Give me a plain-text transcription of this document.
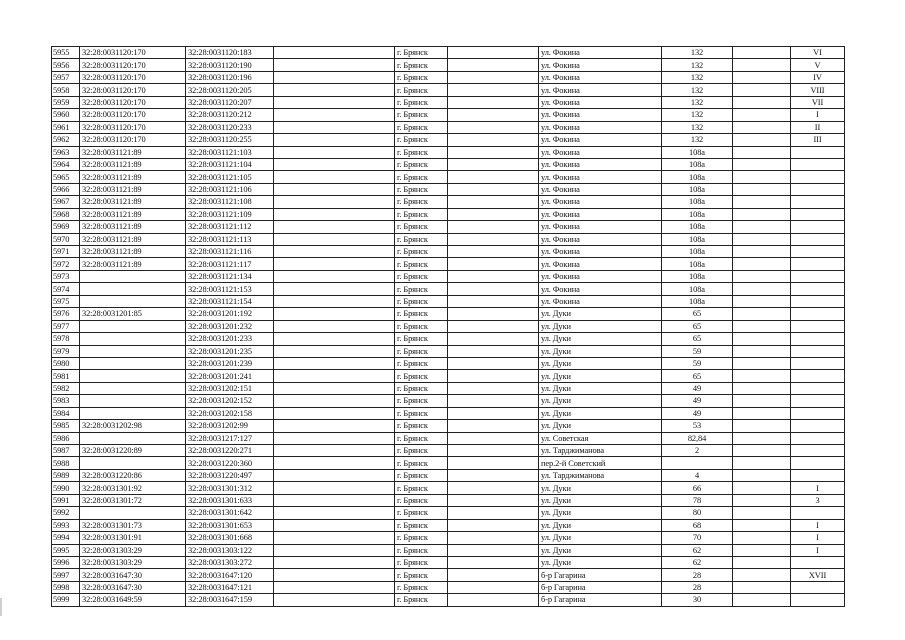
5955	32:28:0031120:170	32:28:0031120:183		г. Брянск		ул. Фокина	132		VI
5956	32:28:0031120:170	32:28:0031120:190		г. Брянск		ул. Фокина	132		V
5957	32:28:0031120:170	32:28:0031120:196		г. Брянск		ул. Фокина	132		IV
5958	32:28:0031120:170	32:28:0031120:205		г. Брянск		ул. Фокина	132		VIII
5959	32:28:0031120:170	32:28:0031120:207		г. Брянск		ул. Фокина	132		VII
5960	32:28:0031120:170	32:28:0031120:212		г. Брянск		ул. Фокина	132		I
5961	32:28:0031120:170	32:28:0031120:233		г. Брянск		ул. Фокина	132		II
5962	32:28:0031120:170	32:28:0031120:255		г. Брянск		ул. Фокина	132		III
5963	32:28:0031121:89	32:28:0031121:103		г. Брянск		ул. Фокина	108а		
5964	32:28:0031121:89	32:28:0031121:104		г. Брянск		ул. Фокина	108а		
5965	32:28:0031121:89	32:28:0031121:105		г. Брянск		ул. Фокина	108а		
5966	32:28:0031121:89	32:28:0031121:106		г. Брянск		ул. Фокина	108а		
5967	32:28:0031121:89	32:28:0031121:108		г. Брянск		ул. Фокина	108а		
5968	32:28:0031121:89	32:28:0031121:109		г. Брянск		ул. Фокина	108а		
5969	32:28:0031121:89	32:28:0031121:112		г. Брянск		ул. Фокина	108а		
5970	32:28:0031121:89	32:28:0031121:113		г. Брянск		ул. Фокина	108а		
5971	32:28:0031121:89	32:28:0031121:116		г. Брянск		ул. Фокина	108а		
5972	32:28:0031121:89	32:28:0031121:117		г. Брянск		ул. Фокина	108а		
5973		32:28:0031121:134		г. Брянск		ул. Фокина	108а		
5974		32:28:0031121:153		г. Брянск		ул. Фокина	108а		
5975		32:28:0031121:154		г. Брянск		ул. Фокина	108а		
5976	32:28:0031201:85	32:28:0031201:192		г. Брянск		ул. Дуки	65		
5977		32:28:0031201:232		г. Брянск		ул. Дуки	65		
5978		32:28:0031201:233		г. Брянск		ул. Дуки	65		
5979		32:28:0031201:235		г. Брянск		ул. Дуки	59		
5980		32:28:0031201:239		г. Брянск		ул. Дуки	59		
5981		32:28:0031201:241		г. Брянск		ул. Дуки	65		
5982		32:28:0031202:151		г. Брянск		ул. Дуки	49		
5983		32:28:0031202:152		г. Брянск		ул. Дуки	49		
5984		32:28:0031202:158		г. Брянск		ул. Дуки	49		
5985	32:28:0031202:98	32:28:0031202:99		г. Брянск		ул. Дуки	53		
5986		32:28:0031217:127		г. Брянск		ул. Советская	82,84		
5987	32:28:0031220:89	32:28:0031220:271		г. Брянск		ул. Тарджиманова	2		
5988		32:28:0031220:360		г. Брянск		пер.2-й Советский			
5989	32:28:0031220:86	32:28:0031220:497		г. Брянск		ул. Тарджиманова	4		
5990	32:28:0031301:92	32:28:0031301:312		г. Брянск		ул. Дуки	66		I
5991	32:28:0031301:72	32:28:0031301:633		г. Брянск		ул. Дуки	78		3
5992		32:28:0031301:642		г. Брянск		ул. Дуки	80		
5993	32:28:0031301:73	32:28:0031301:653		г. Брянск		ул. Дуки	68		I
5994	32:28:0031301:91	32:28:0031301:668		г. Брянск		ул. Дуки	70		I
5995	32:28:0031303:29	32:28:0031303:122		г. Брянск		ул. Дуки	62		I
5996	32:28:0031303:29	32:28:0031303:272		г. Брянск		ул. Дуки	62		
5997	32:28:0031647:30	32:28:0031647:120		г. Брянск		б-р Гагарина	28		XVII
5998	32:28:0031647:30	32:28:0031647:121		г. Брянск		б-р Гагарина	28		
5999	32:28:0031649:59	32:28:0031647:159		г. Брянск		б-р Гагарина	30		
